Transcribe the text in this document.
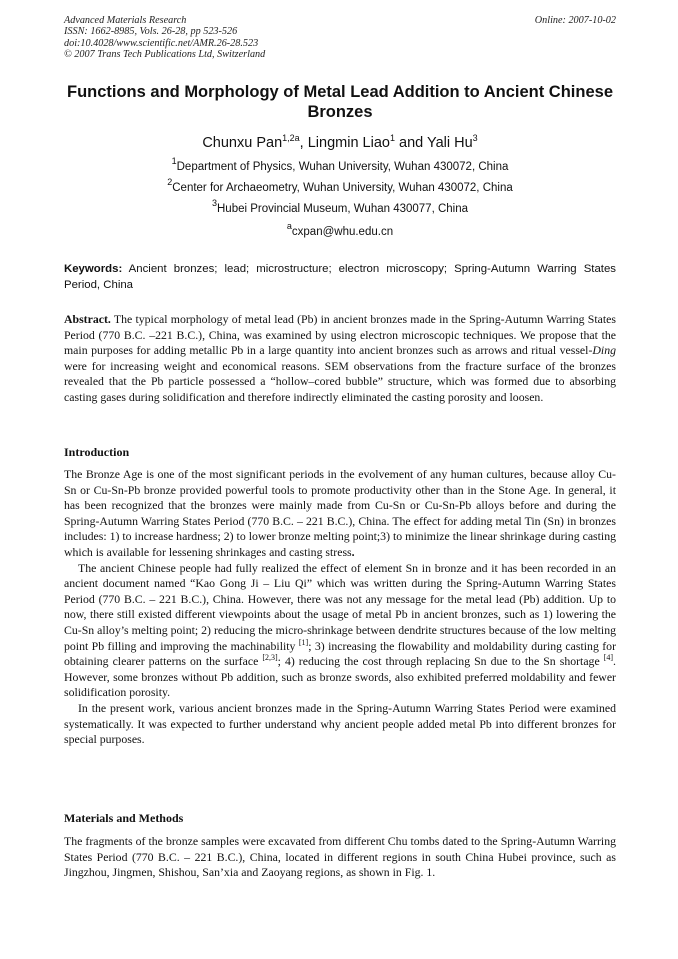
Advanced Materials Research
ISSN: 1662-8985, Vols. 26-28, pp 523-526
doi:10.4028/www.scientific.net/AMR.26-28.523
© 2007 Trans Tech Publications Ltd, Switzerland
Online: 2007-10-02
Functions and Morphology of Metal Lead Addition to Ancient Chinese Bronzes
Chunxu Pan$^{1,2a}$, Lingmin Liao$^1$ and Yali Hu$^3$
$^1$Department of Physics, Wuhan University, Wuhan 430072, China
$^2$Center for Archaeometry, Wuhan University, Wuhan 430072, China
$^3$Hubei Provincial Museum, Wuhan 430077, China
$^a$cxpan@whu.edu.cn
Keywords: Ancient bronzes; lead; microstructure; electron microscopy; Spring-Autumn Warring States Period, China
Abstract. The typical morphology of metal lead (Pb) in ancient bronzes made in the Spring-Autumn Warring States Period (770 B.C. –221 B.C.), China, was examined by using electron microscopic techniques. We propose that the main purposes for adding metallic Pb in a large quantity into ancient bronzes such as arrows and ritual vessel-Ding were for increasing weight and economical reasons. SEM observations from the fracture surface of the bronzes revealed that the Pb particle possessed a “hollow–cored bubble” structure, which was formed due to absorbing casting gases during solidification and therefore indirectly eliminated the casting porosity and loosen.
Introduction

The Bronze Age is one of the most significant periods in the evolvement of any human cultures, because alloy Cu-Sn or Cu-Sn-Pb bronze provided powerful tools to promote productivity other than in the Stone Age. In general, it has been recognized that the bronzes were mainly made from Cu-Sn or Cu-Sn-Pb alloys before and during the Spring-Autumn Warring States Period (770 B.C. – 221 B.C.), China. The effect for adding metal Tin (Sn) in bronzes includes: 1) to increase hardness; 2) to lower bronze melting point;3) to minimize the linear shrinkage during casting which is available for lessening shrinkages and casting stress.

The ancient Chinese people had fully realized the effect of element Sn in bronze and it has been recorded in an ancient document named “Kao Gong Ji – Liu Qi” which was written during the Spring-Autumn Warring States Period (770 B.C. – 221 B.C.), China. However, there was not any message for the metal lead (Pb) addition. Up to now, there still existed different viewpoints about the usage of metal Pb in ancient bronzes, such as 1) lowering the Cu-Sn alloy’s melting point; 2) reducing the micro-shrinkage between dendrite structures because of the low melting point Pb filling and improving the machinability [1]; 3) increasing the flowability and moldability during casting for obtaining clearer patterns on the surface [2,3]; 4) reducing the cost through replacing Sn due to the Sn shortage [4]. However, some bronzes without Pb addition, such as bronze swords, also exhibited preferred moldability and fewer solidification porosity.

In the present work, various ancient bronzes made in the Spring-Autumn Warring States Period were examined systematically. It was expected to further understand why ancient people added metal Pb into different bronzes for special purposes.

Materials and Methods

The fragments of the bronze samples were excavated from different Chu tombs dated to the Spring-Autumn Warring States Period (770 B.C. – 221 B.C.), China, located in different regions in south China Hubei province, such as Jingzhou, Jingmen, Shishou, San’xia and Zaoyang regions, as shown in Fig. 1.
